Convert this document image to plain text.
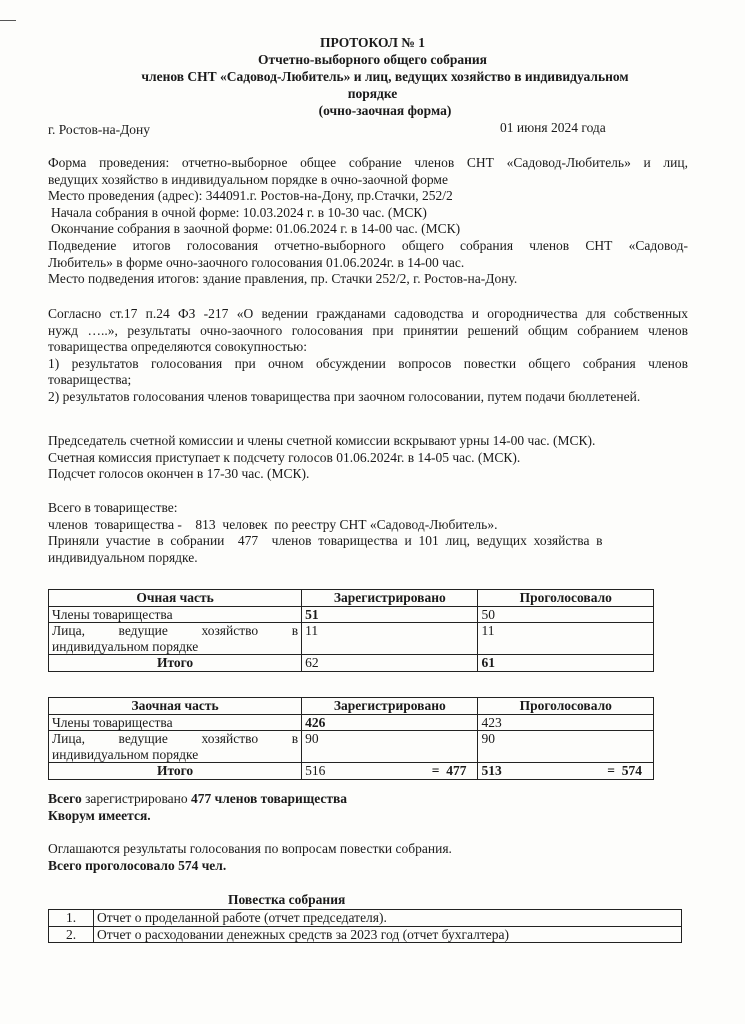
ПРОТОКОЛ № 1
Отчетно-выборного общего собрания
членов СНТ «Садовод-Любитель» и лиц, ведущих хозяйство в индивидуальном
порядке
(очно-заочная форма)
г. Ростов-на-Дону	01 июня 2024 года
Форма проведения: отчетно-выборное общее собрание членов СНТ «Садовод-Любитель» и лиц,
ведущих хозяйство в индивидуальном порядке в очно-заочной форме
Место проведения (адрес): 344091.г. Ростов-на-Дону, пр.Стачки, 252/2
Начала собрания в очной форме: 10.03.2024 г. в 10-30 час. (МСК)
Окончание собрания в заочной форме: 01.06.2024 г. в 14-00 час. (МСК)
Подведение итогов голосования отчетно-выборного общего собрания членов СНТ «Садовод-
Любитель» в форме очно-заочного голосования 01.06.2024г. в 14-00 час.
Место подведения итогов: здание правления, пр. Стачки 252/2, г. Ростов-на-Дону.
Согласно ст.17 п.24 ФЗ -217 «О ведении гражданами садоводства и огородничества для собственных
нужд …..», результаты очно-заочного голосования при принятии решений общим собранием членов
товарищества определяются совокупностью:
1) результатов голосования при очном обсуждении вопросов повестки общего собрания членов
товарищества;
2) результатов голосования членов товарищества при заочном голосовании, путем подачи бюллетеней.
Председатель счетной комиссии и члены счетной комиссии вскрывают урны 14-00 час. (МСК).
Счетная комиссия приступает к подсчету голосов 01.06.2024г. в 14-05 час. (МСК).
Подсчет голосов окончен в 17-30 час. (МСК).
Всего в товариществе:
членов  товарищества -    813  человек  по реестру СНТ «Садовод-Любитель».
Приняли  участие  в  собрании    477    членов  товарищества  и  101  лиц,  ведущих  хозяйства  в
индивидуальном порядке.
Очная часть	Зарегистрировано	Проголосовало
Члены товарищества	51	50

Лица,      ведущие      хозяйство      в
индивидуальном порядке	11	11
Итого	62	61
Заочная часть	Зарегистрировано	Проголосовало
Члены товарищества	426	423

Лица,      ведущие      хозяйство      в
индивидуальном порядке	90	90
Итого	516 =  477	513 =  574
Всего зарегистрировано 477 членов товарищества
Кворум имеется.
Оглашаются результаты голосования по вопросам повестки собрания.
Всего проголосовало 574 чел.
Повестка собрания
1.	Отчет о проделанной работе (отчет председателя).
2.	Отчет о расходовании денежных средств за 2023 год (отчет бухгалтера)
